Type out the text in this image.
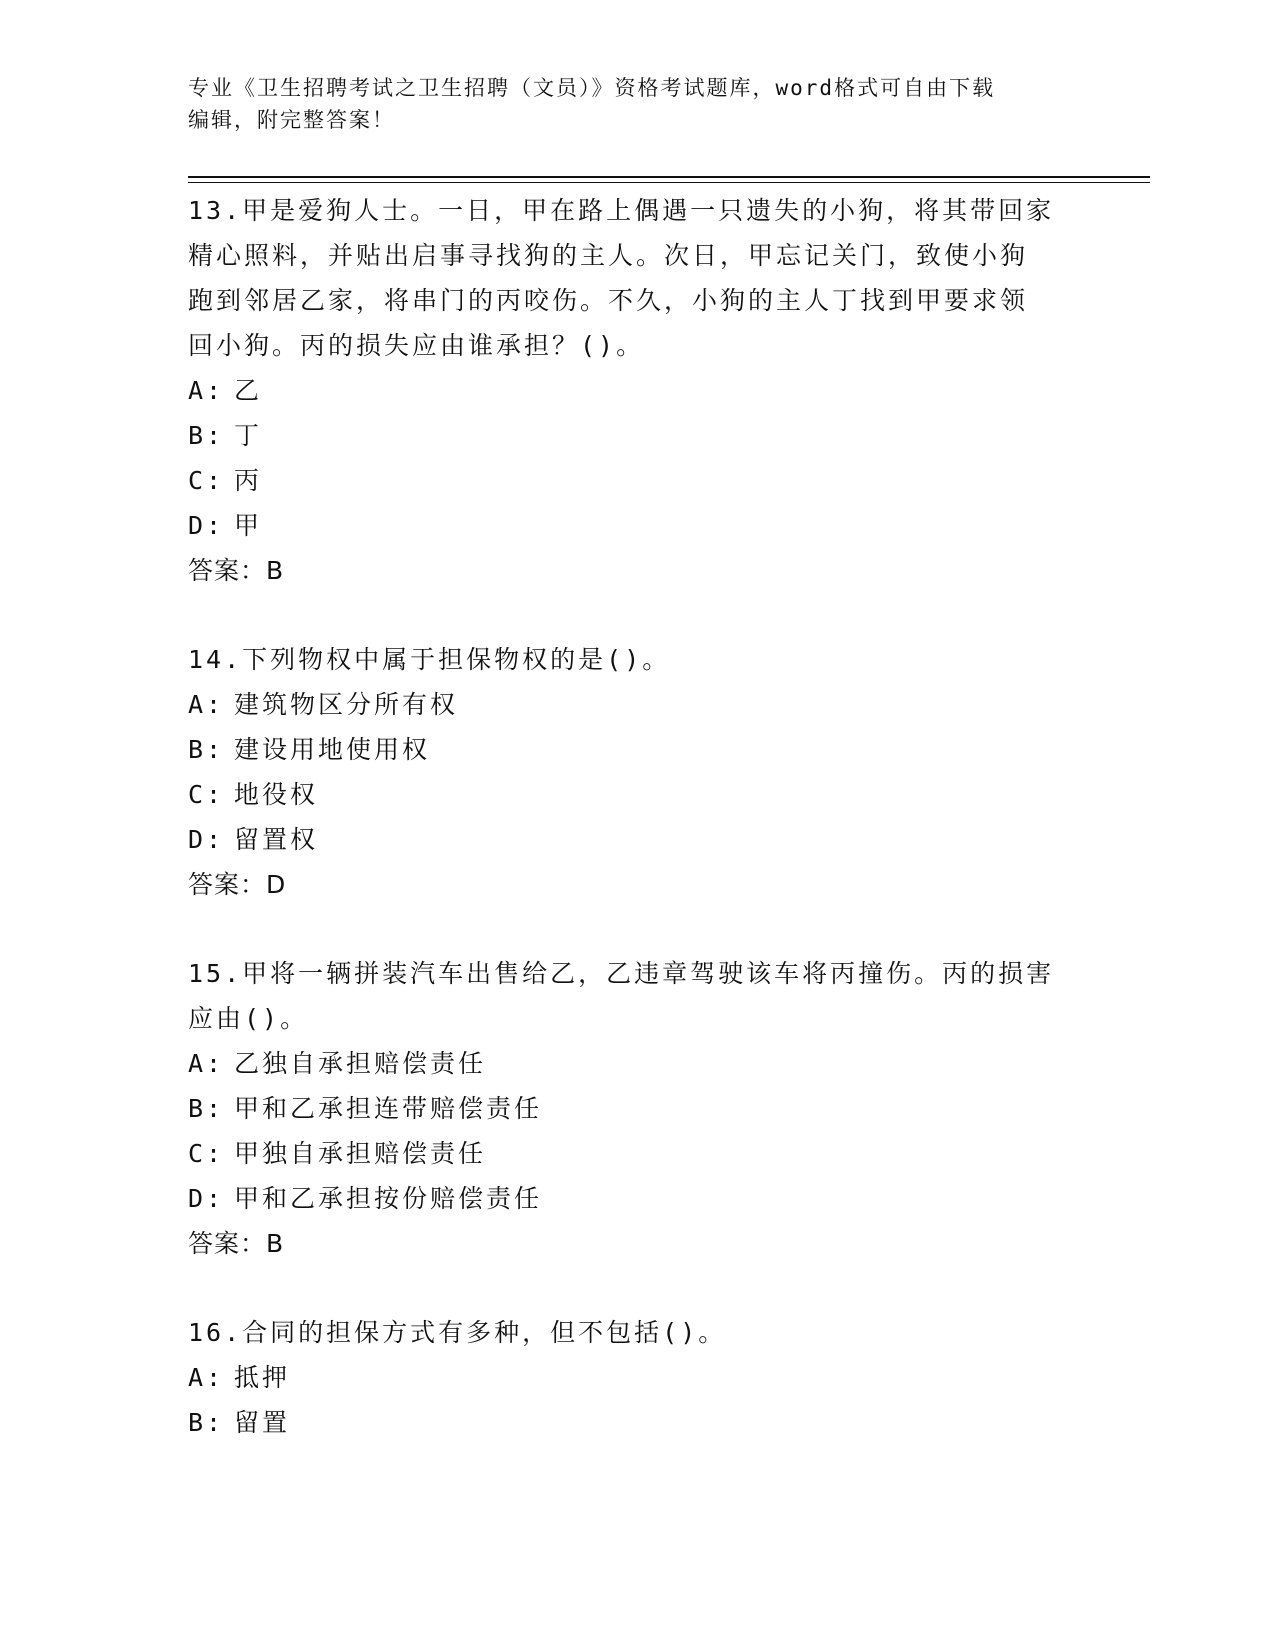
专业《卫生招聘考试之卫生招聘（文员）》资格考试题库，word格式可自由下载
编辑，附完整答案！
13.甲是爱狗人士。一日，甲在路上偶遇一只遗失的小狗，将其带回家
精心照料，并贴出启事寻找狗的主人。次日，甲忘记关门，致使小狗
跑到邻居乙家，将串门的丙咬伤。不久，小狗的主人丁找到甲要求领
回小狗。丙的损失应由谁承担？()。
A: 乙
B: 丁
C: 丙
D: 甲
答案：B
14.下列物权中属于担保物权的是()。
A: 建筑物区分所有权
B: 建设用地使用权
C: 地役权
D: 留置权
答案：D
15.甲将一辆拼装汽车出售给乙，乙违章驾驶该车将丙撞伤。丙的损害
应由()。
A: 乙独自承担赔偿责任
B: 甲和乙承担连带赔偿责任
C: 甲独自承担赔偿责任
D: 甲和乙承担按份赔偿责任
答案：B
16.合同的担保方式有多种，但不包括()。
A: 抵押
B: 留置
